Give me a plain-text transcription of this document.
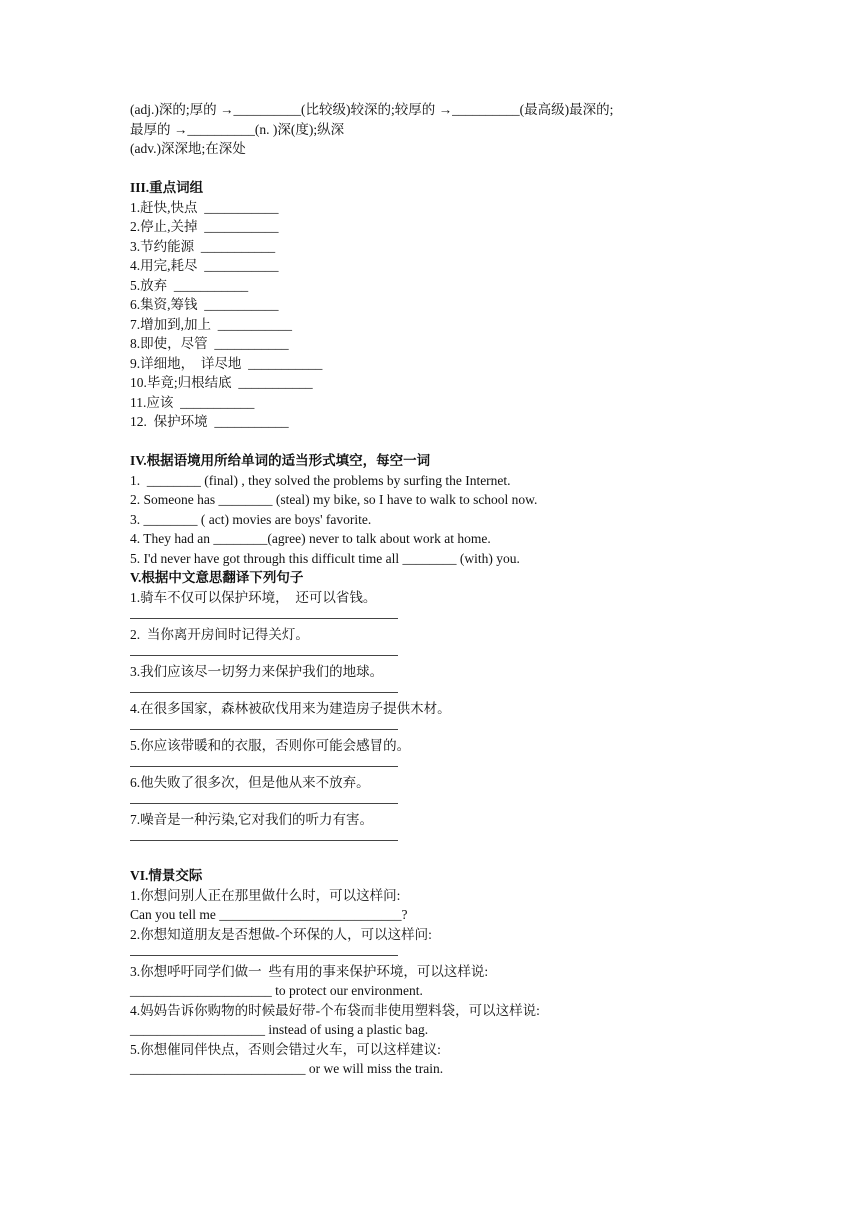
(adj.)深的;厚的 →__________(比较级)较深的;较厚的 →__________(最高级)最深的;
最厚的 →__________(n. )深(度);纵深
(adv.)深深地;在深处
III.重点词组
1.赶快,快点  ___________
2.停止,关掉  ___________
3.节约能源  ___________
4.用完,耗尽  ___________
5.放弃  ___________
6.集资,筹钱  ___________
7.增加到,加上  ___________
8.即使，尽管  ___________
9.详细地，  详尽地  ___________
10.毕竟;归根结底  ___________
11.应该  ___________
12.  保护环境  ___________
IV.根据语境用所给单词的适当形式填空，每空一词
1.  ________ (final) , they solved the problems by surfing the Internet.
2. Someone has ________ (steal) my bike, so I have to walk to school now.
3. ________ ( act) movies are boys' favorite.
4. They had an ________(agree) never to talk about work at home.
5. I'd never have got through this difficult time all ________ (with) you.
V.根据中文意思翻译下列句子
1.骑车不仅可以保护环境，  还可以省钱。
2.  当你离开房间时记得关灯。
3.我们应该尽一切努力来保护我们的地球。
4.在很多国家，森林被砍伐用来为建造房子提供木材。
5.你应该带暖和的衣服，否则你可能会感冒的。
6.他失败了很多次，但是他从来不放弃。
7.噪音是一种污染,它对我们的听力有害。
VI.情景交际
1.你想问别人正在那里做什么时，可以这样问:
Can you tell me ___________________________?
2.你想知道朋友是否想做-个环保的人，可以这样问:
3.你想呼吁同学们做一  些有用的事来保护环境，可以这样说:
_____________________ to protect our environment.
4.妈妈告诉你购物的时候最好带-个布袋而非使用塑料袋，可以这样说:
____________________ instead of using a plastic bag.
5.你想催同伴快点，否则会错过火车，可以这样建议:
__________________________ or we will miss the train.
